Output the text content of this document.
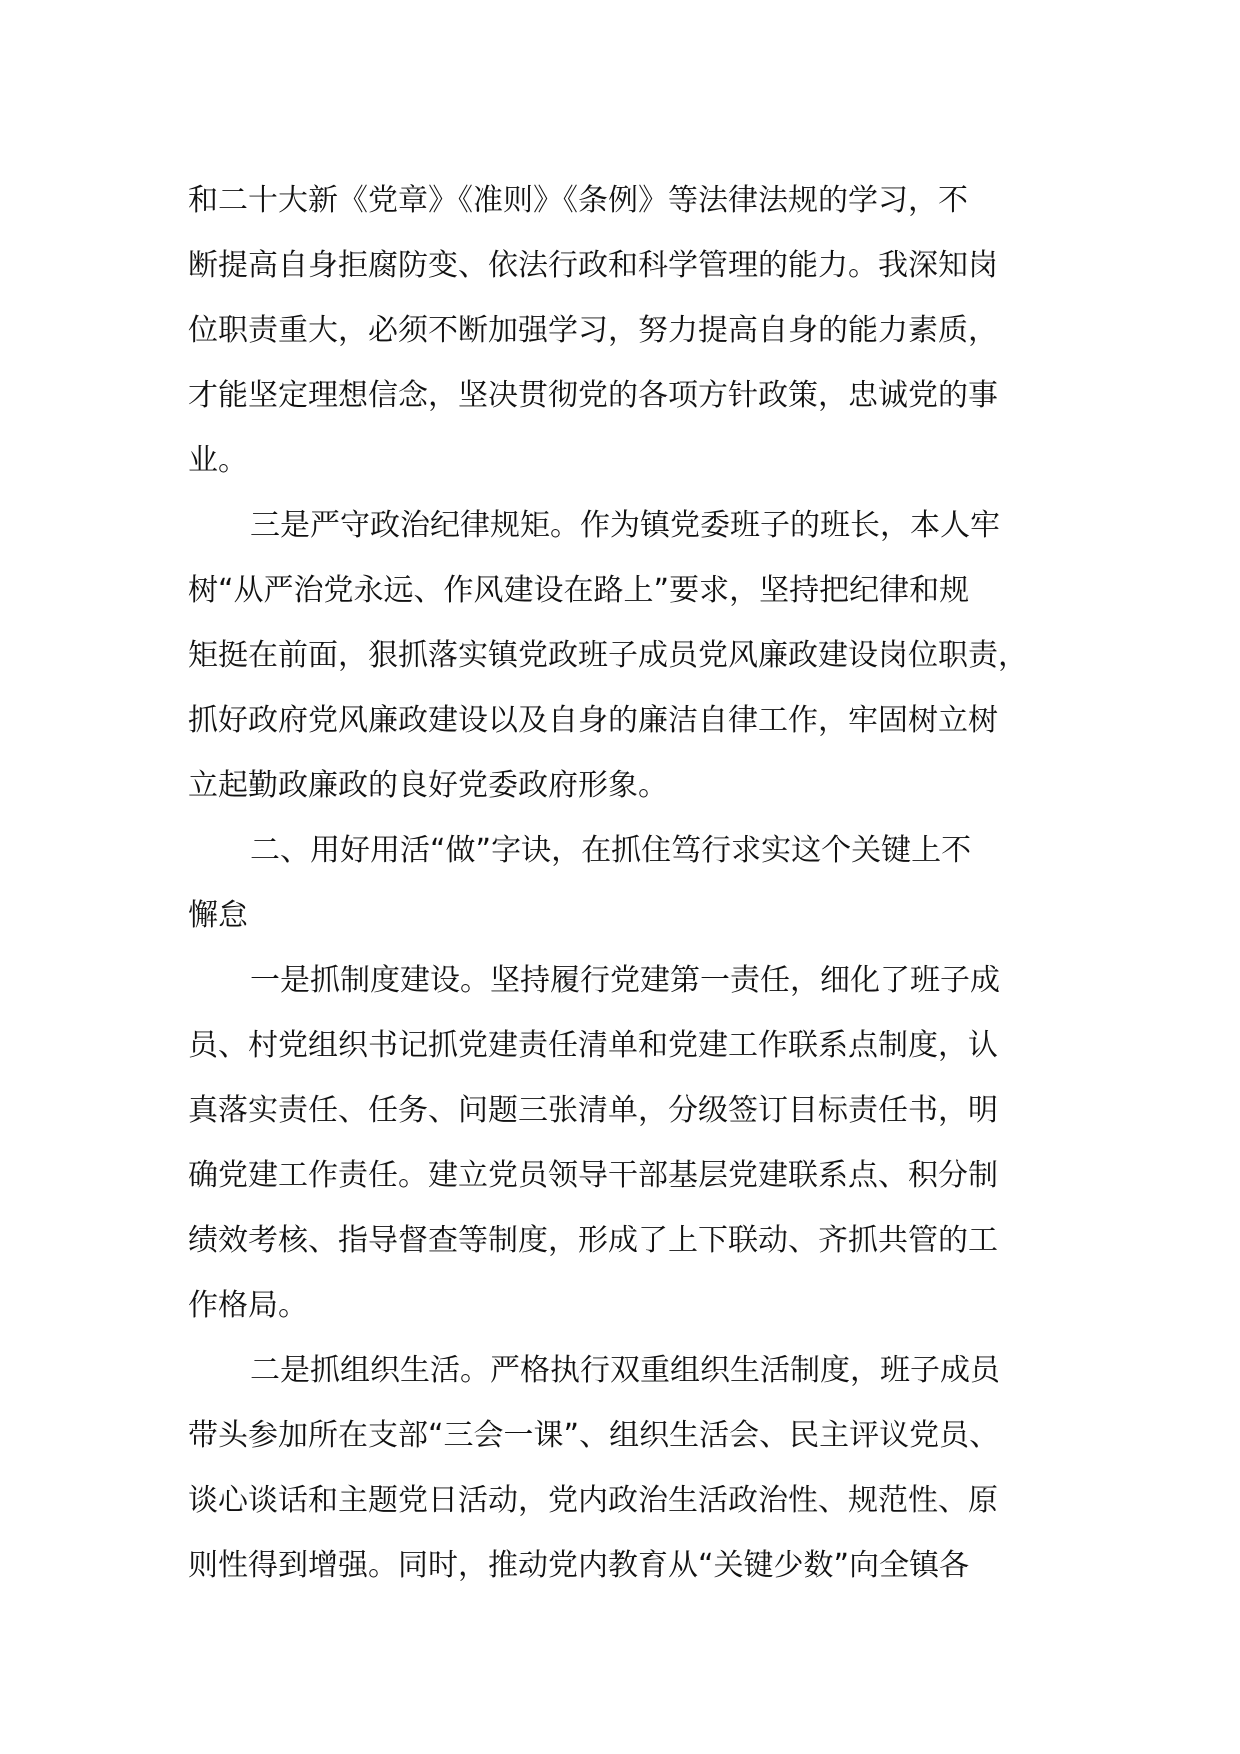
和二十大新《党章》《准则》《条例》等法律法规的学习，不
断提高自身拒腐防变、依法行政和科学管理的能力。我深知岗
位职责重大，必须不断加强学习，努力提高自身的能力素质，
才能坚定理想信念，坚决贯彻党的各项方针政策，忠诚党的事
业。
三是严守政治纪律规矩。作为镇党委班子的班长，本人牢
树“从严治党永远、作风建设在路上”要求，坚持把纪律和规
矩挺在前面，狠抓落实镇党政班子成员党风廉政建设岗位职责，
抓好政府党风廉政建设以及自身的廉洁自律工作，牢固树立树
立起勤政廉政的良好党委政府形象。
二、用好用活“做”字诀，在抓住笃行求实这个关键上不
懈怠
一是抓制度建设。坚持履行党建第一责任，细化了班子成
员、村党组织书记抓党建责任清单和党建工作联系点制度，认
真落实责任、任务、问题三张清单，分级签订目标责任书，明
确党建工作责任。建立党员领导干部基层党建联系点、积分制
绩效考核、指导督查等制度，形成了上下联动、齐抓共管的工
作格局。
二是抓组织生活。严格执行双重组织生活制度，班子成员
带头参加所在支部“三会一课”、组织生活会、民主评议党员、
谈心谈话和主题党日活动，党内政治生活政治性、规范性、原
则性得到增强。同时，推动党内教育从“关键少数”向全镇各
